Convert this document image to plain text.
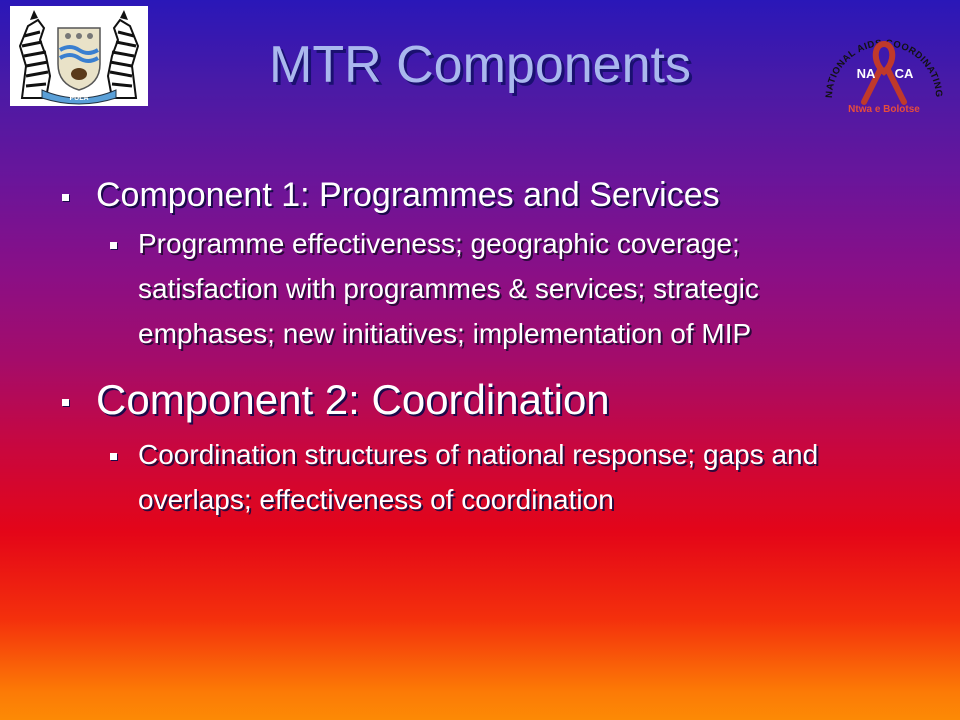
PULA
MTR Components
NATIONAL AIDS COORDINATING
NA CA
Ntwa e Bolotse
Component 1: Programmes and Services
Programme effectiveness; geographic coverage; satisfaction with programmes & services; strategic emphases; new initiatives; implementation of MIP
Component 2: Coordination
Coordination structures of national response; gaps and overlaps; effectiveness of coordination
